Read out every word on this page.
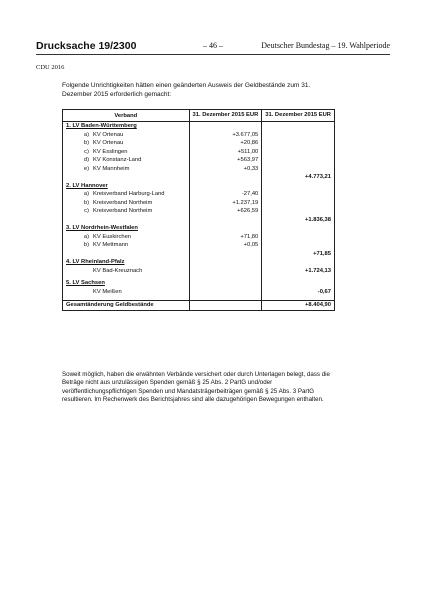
Drucksache 19/2300	– 46 –	Deutscher Bundestag – 19. Wahlperiode
CDU 2016
Folgende Unrichtigkeiten hätten einen geänderten Ausweis der Geldbestände zum 31. Dezember 2015 erforderlich gemacht:
Verband	31. Dezember 2015 EUR	31. Dezember 2015 EUR
1. LV Baden-Württemberg		
a) KV Ortenau	+3.677,05	
b) KV Ortenau	+20,86	
c) KV Esslingen	+511,00	
d) KV Konstanz-Land	+563,97	
e) KV Mannheim	+0,33	
		+4.773,21
2. LV Hannover		
a) Kreisverband Harburg-Land	-27,40	
b) Kreisverband Northeim	+1.237,19	
c) Kreisverband Northeim	+626,59	
		+1.836,38
3. LV Nordrhein-Westfalen		
a) KV Euskirchen	+71,80	
b) KV Mettmann	+0,05	
		+71,85
4. LV Rheinland-Pfalz		
KV Bad-Kreuznach		+1.724,13

5. LV Sachsen		
KV Meißen		-0,67

Gesamtänderung Geldbestände		+8.404,90
Soweit möglich, haben die erwähnten Verbände versichert oder durch Unterlagen belegt, dass die Beträge nicht aus unzulässigen Spenden gemäß § 25 Abs. 2 PartG und/oder veröffentlichungspflichtigen Spenden und Mandatsträgerbeiträgen gemäß § 25 Abs. 3 PartG resultieren. Im Rechenwerk des Berichtsjahres sind alle dazugehörigen Bewegungen enthalten.
